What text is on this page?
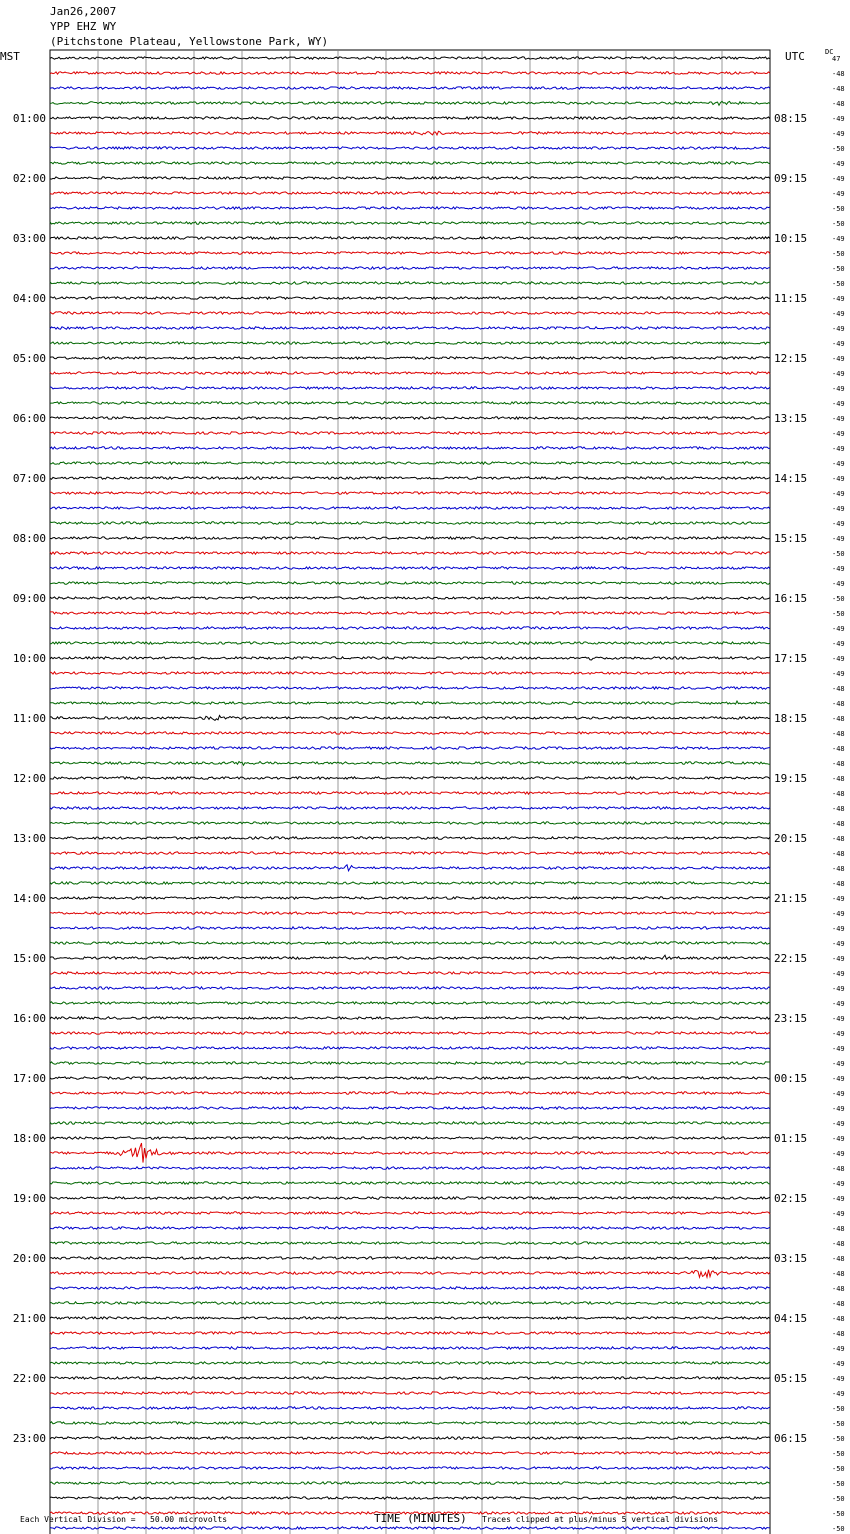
Jan26,2007
YPP EHZ WY
(Pitchstone Plateau, Yellowstone Park, WY)
MST	UTC	DC
47
-48
-48
-48
-49
-49
-50
-49
-49
-49
-50
-50
-49
-50
-50
-50
-49
-49
-49
-49
-49
-49
-49
-49
-49
-49
-49
-49
-49
-49
-49
-49
-49
-50
-49
-49
-50
-50
-49
-49
-49
-49
-48
-48
-48
-48
-48
-48
-48
-48
-48
-48
-48
-48
-48
-48
-49
-49
-49
-49
-49
-49
-49
-49
-49
-49
-49
-49
-49
-49
-49
-49
-49
-49
-48
-49
-49
-49
-48
-48
-48
-48
-48
-48
-48
-48
-49
-49
-49
-49
-50
-50
-50
-50
-50
-50
-50
-50
-50
01:00
02:00
03:00
04:00
05:00
06:00
07:00
08:00
09:00
10:00
11:00
12:00
13:00
14:00
15:00
16:00
17:00
18:00
19:00
20:00
21:00
22:00
23:00
08:15
09:15
10:15
11:15
12:15
13:15
14:15
15:15
16:15
17:15
18:15
19:15
20:15
21:15
22:15
23:15
00:15
01:15
02:15
03:15
04:15
05:15
06:15
Each Vertical Division =   50.00 microvolts	TIME (MINUTES) Traces clipped at plus/minus 5 vertical divisions
